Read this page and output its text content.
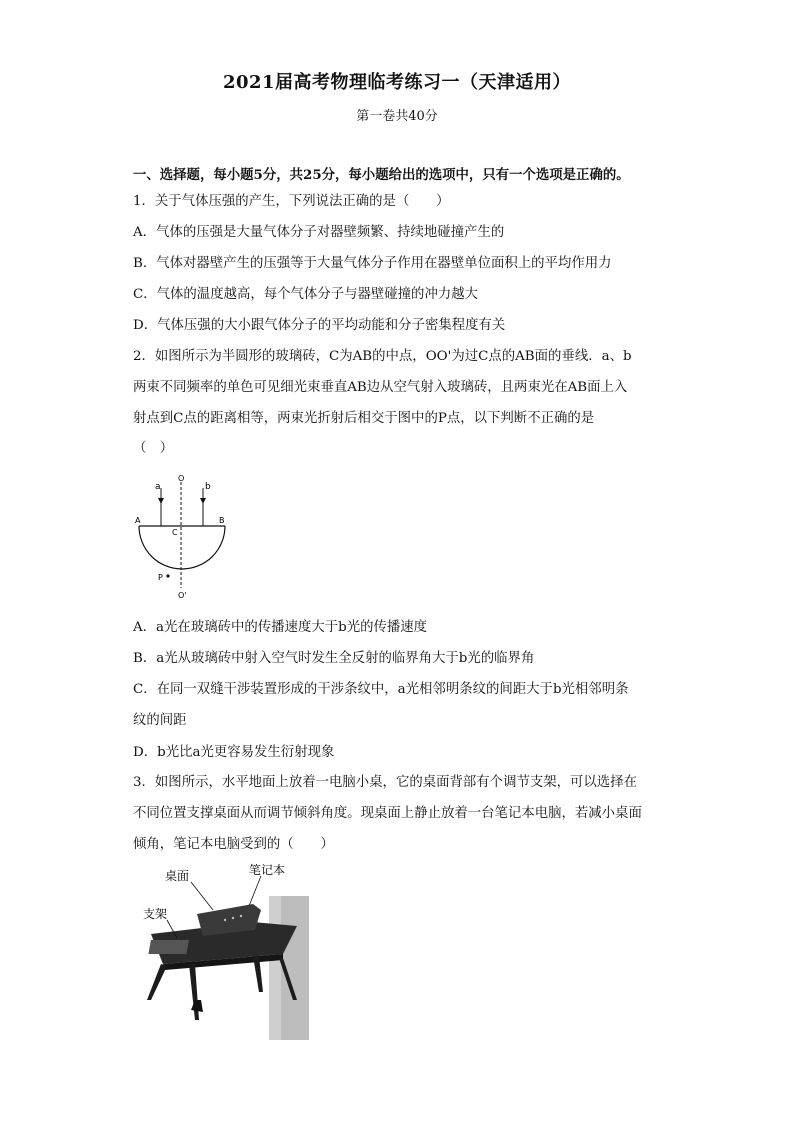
2021届高考物理临考练习一（天津适用）
第一卷共40分
一、选择题，每小题5分，共25分，每小题给出的选项中，只有一个选项是正确的。
1．关于气体压强的产生，下列说法正确的是（　　）
A．气体的压强是大量气体分子对器壁频繁、持续地碰撞产生的
B．气体对器壁产生的压强等于大量气体分子作用在器壁单位面积上的平均作用力
C．气体的温度越高，每个气体分子与器壁碰撞的冲力越大
D．气体压强的大小跟气体分子的平均动能和分子密集程度有关
2．如图所示为半圆形的玻璃砖，C为AB的中点，OO'为过C点的AB面的垂线．a、b
两束不同频率的单色可见细光束垂直AB边从空气射入玻璃砖，且两束光在AB面上入
射点到C点的距离相等，两束光折射后相交于图中的P点，以下判断不正确的是
（　）
a	b
O
A	B
C
P
O'
A．a光在玻璃砖中的传播速度大于b光的传播速度
B．a光从玻璃砖中射入空气时发生全反射的临界角大于b光的临界角
C．在同一双缝干涉装置形成的干涉条纹中，a光相邻明条纹的间距大于b光相邻明条
纹的间距
D．b光比a光更容易发生衍射现象
3．如图所示，水平地面上放着一电脑小桌，它的桌面背部有个调节支架，可以选择在
不同位置支撑桌面从而调节倾斜角度。现桌面上静止放着一台笔记本电脑，若减小桌面
倾角，笔记本电脑受到的（　　）
桌面	笔记本
支架
